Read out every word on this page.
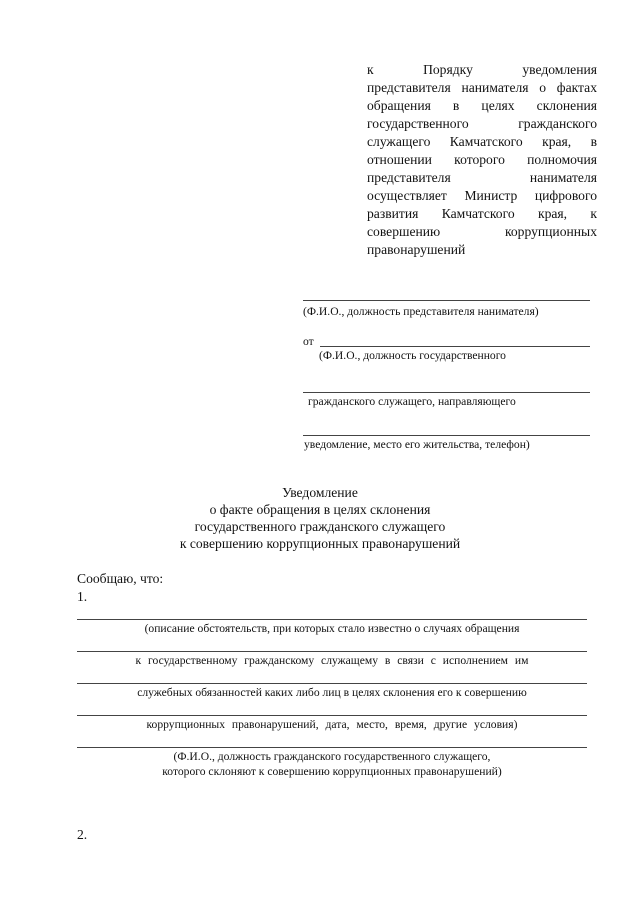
к Порядку уведомления
представителя нанимателя о фактах
обращения в целях склонения
государственного гражданского
служащего Камчатского края, в
отношении которого полномочия
представителя нанимателя
осуществляет Министр цифрового
развития Камчатского края, к
совершению коррупционных
правонарушений
(Ф.И.О., должность представителя нанимателя)
от
(Ф.И.О., должность государственного
гражданского служащего, направляющего
уведомление, место его жительства, телефон)
Уведомление
о факте обращения в целях склонения
государственного гражданского служащего
к совершению коррупционных правонарушений
Сообщаю, что:
1.
(описание обстоятельств, при которых стало известно о случаях обращения
к государственному гражданскому служащему в связи с исполнением им
служебных обязанностей каких либо лиц в целях склонения его к совершению
коррупционных правонарушений, дата, место, время, другие условия)
(Ф.И.О., должность гражданского государственного служащего,
которого склоняют к совершению коррупционных правонарушений)
2.
